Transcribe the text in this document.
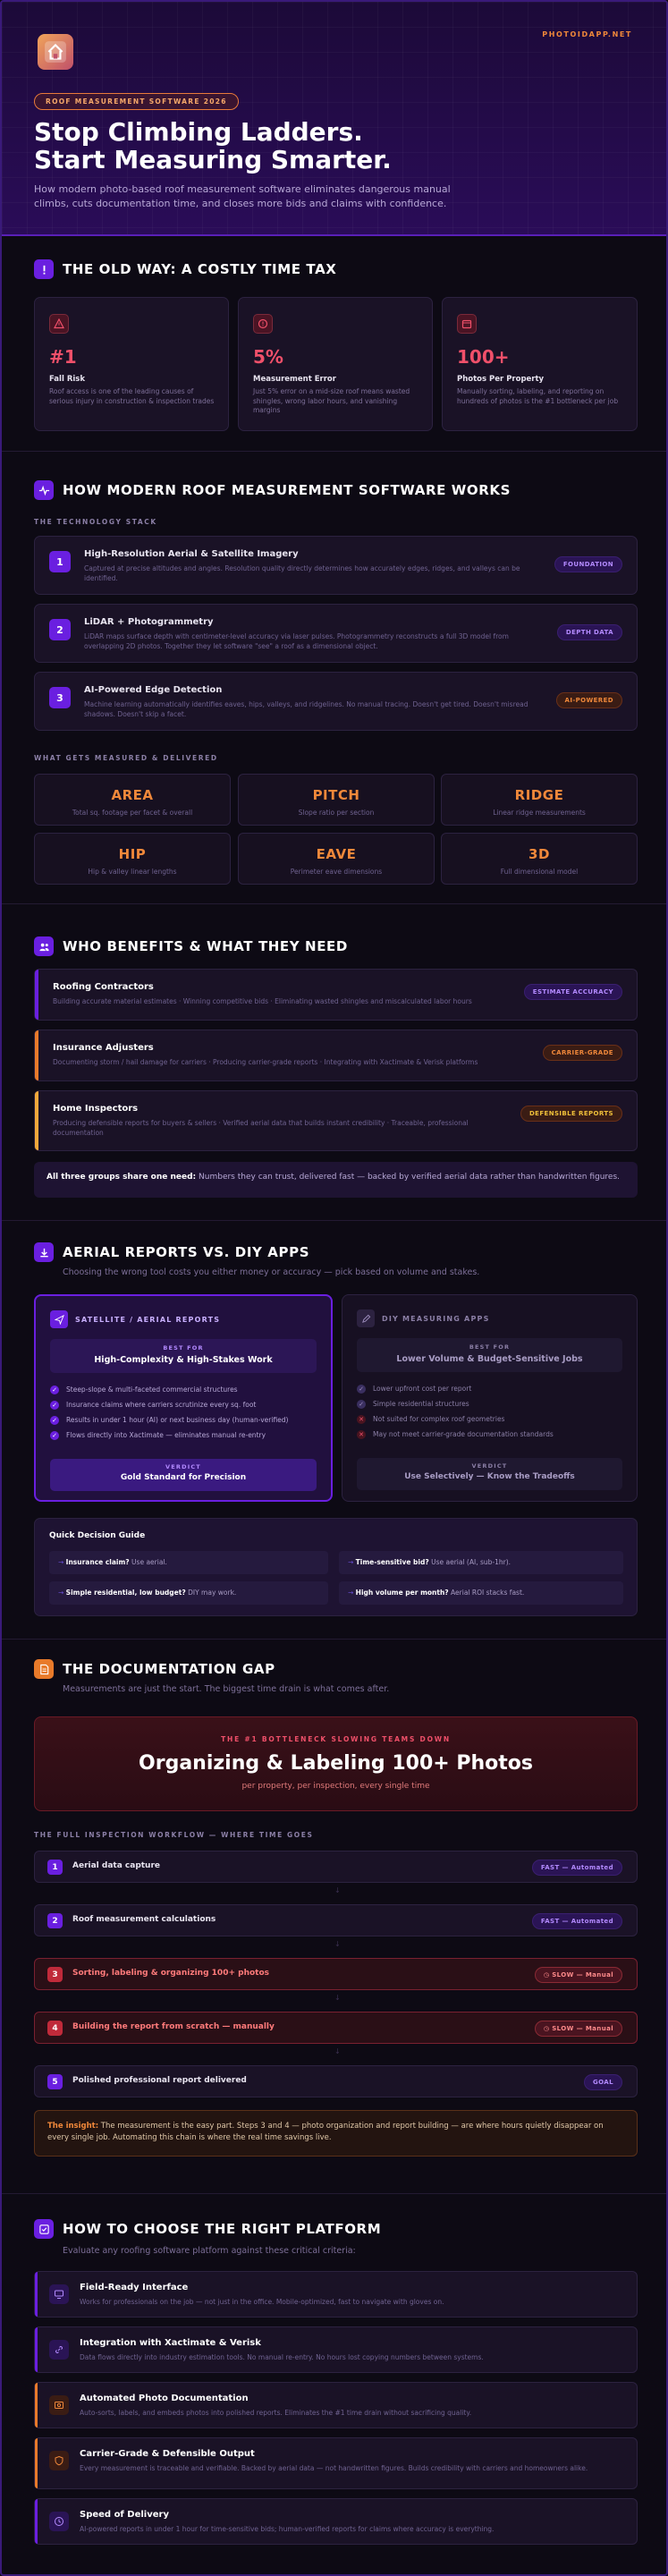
PHOTOIDAPP.NET
ROOF MEASUREMENT SOFTWARE 2026
Stop Climbing Ladders.
Start Measuring Smarter.
How modern photo-based roof measurement software eliminates dangerous manual climbs, cuts documentation time, and closes more bids and claims with confidence.
THE OLD WAY: A COSTLY TIME TAX
#1
Fall Risk
Roof access is one of the leading causes of serious injury in construction & inspection trades
5%
Measurement Error
Just 5% error on a mid-size roof means wasted shingles, wrong labor hours, and vanishing margins
100+
Photos Per Property
Manually sorting, labeling, and reporting on hundreds of photos is the #1 bottleneck per job
HOW MODERN ROOF MEASUREMENT SOFTWARE WORKS
THE TECHNOLOGY STACK
1
High-Resolution Aerial & Satellite Imagery
Captured at precise altitudes and angles. Resolution quality directly determines how accurately edges, ridges, and valleys can be identified.
FOUNDATION
2
LiDAR + Photogrammetry
LiDAR maps surface depth with centimeter-level accuracy via laser pulses. Photogrammetry reconstructs a full 3D model from overlapping 2D photos. Together they let software "see" a roof as a dimensional object.
DEPTH DATA
3
AI-Powered Edge Detection
Machine learning automatically identifies eaves, hips, valleys, and ridgelines. No manual tracing. Doesn't get tired. Doesn't misread shadows. Doesn't skip a facet.
AI-POWERED
WHAT GETS MEASURED & DELIVERED
AREA
Total sq. footage per facet & overall
PITCH
Slope ratio per section
RIDGE
Linear ridge measurements
HIP
Hip & valley linear lengths
EAVE
Perimeter eave dimensions
3D
Full dimensional model
WHO BENEFITS & WHAT THEY NEED
Roofing Contractors
Building accurate material estimates · Winning competitive bids · Eliminating wasted shingles and miscalculated labor hours
ESTIMATE ACCURACY
Insurance Adjusters
Documenting storm / hail damage for carriers · Producing carrier-grade reports · Integrating with Xactimate & Verisk platforms
CARRIER-GRADE
Home Inspectors
Producing defensible reports for buyers & sellers · Verified aerial data that builds instant credibility · Traceable, professional documentation
DEFENSIBLE REPORTS
All three groups share one need: Numbers they can trust, delivered fast — backed by verified aerial data rather than handwritten figures.
AERIAL REPORTS VS. DIY APPS
Choosing the wrong tool costs you either money or accuracy — pick based on volume and stakes.
SATELLITE / AERIAL REPORTS
BEST FOR
High-Complexity & High-Stakes Work
✓ Steep-slope & multi-faceted commercial structures
✓ Insurance claims where carriers scrutinize every sq. foot
✓ Results in under 1 hour (AI) or next business day (human-verified)
✓ Flows directly into Xactimate — eliminates manual re-entry
VERDICT
Gold Standard for Precision
DIY MEASURING APPS
BEST FOR
Lower Volume & Budget-Sensitive Jobs
✓ Lower upfront cost per report
✓ Simple residential structures
✕ Not suited for complex roof geometries
✕ May not meet carrier-grade documentation standards
VERDICT
Use Selectively — Know the Tradeoffs
Quick Decision Guide
→ Insurance claim? Use aerial.	→ Time-sensitive bid? Use aerial (AI, sub-1hr).
→ Simple residential, low budget? DIY may work.	→ High volume per month? Aerial ROI stacks fast.
THE DOCUMENTATION GAP
Measurements are just the start. The biggest time drain is what comes after.
THE #1 BOTTLENECK SLOWING TEAMS DOWN
Organizing & Labeling 100+ Photos
per property, per inspection, every single time
THE FULL INSPECTION WORKFLOW — WHERE TIME GOES
1	Aerial data capture	FAST — Automated
↓
2	Roof measurement calculations	FAST — Automated
↓
3	Sorting, labeling & organizing 100+ photos	◷ SLOW — Manual
↓
4	Building the report from scratch — manually	◷ SLOW — Manual
↓
5	Polished professional report delivered	GOAL
The insight: The measurement is the easy part. Steps 3 and 4 — photo organization and report building — are where hours quietly disappear on every single job. Automating this chain is where the real time savings live.
HOW TO CHOOSE THE RIGHT PLATFORM
Evaluate any roofing software platform against these critical criteria:
Field-Ready Interface
Works for professionals on the job — not just in the office. Mobile-optimized, fast to navigate with gloves on.
Integration with Xactimate & Verisk
Data flows directly into industry estimation tools. No manual re-entry. No hours lost copying numbers between systems.
Automated Photo Documentation
Auto-sorts, labels, and embeds photos into polished reports. Eliminates the #1 time drain without sacrificing quality.
Carrier-Grade & Defensible Output
Every measurement is traceable and verifiable. Backed by aerial data — not handwritten figures. Builds credibility with carriers and homeowners alike.
Speed of Delivery
AI-powered reports in under 1 hour for time-sensitive bids; human-verified reports for claims where accuracy is everything.
